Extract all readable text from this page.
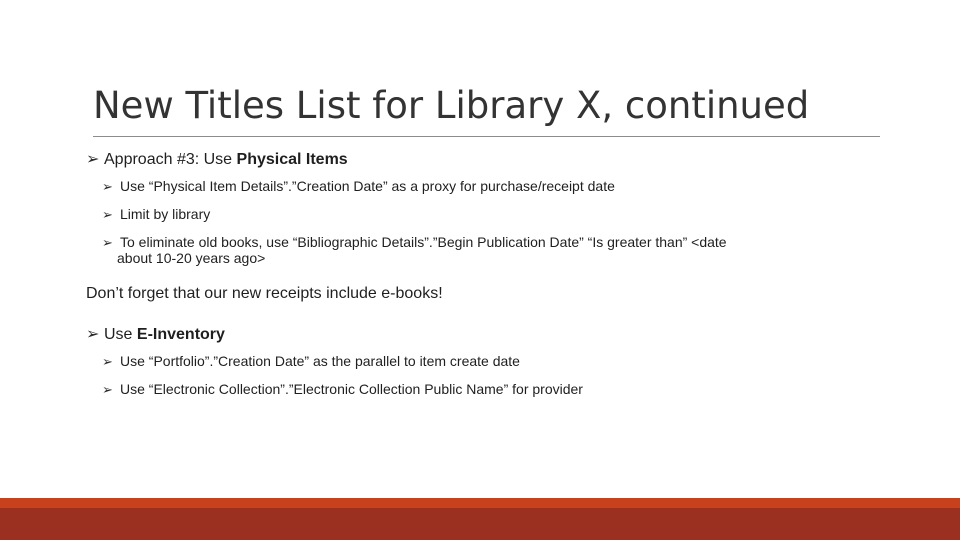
New Titles List for Library X, continued
➢ Approach #3: Use Physical Items
➢ Use “Physical Item Details”.”Creation Date” as a proxy for purchase/receipt date
➢ Limit by library
➢ To eliminate old books, use “Bibliographic Details”.”Begin Publication Date” “Is greater than” <date
about 10-20 years ago>
Don’t forget that our new receipts include e-books!
➢ Use E-Inventory
➢ Use “Portfolio”.”Creation Date” as the parallel to item create date
➢ Use “Electronic Collection”.”Electronic Collection Public Name” for provider
